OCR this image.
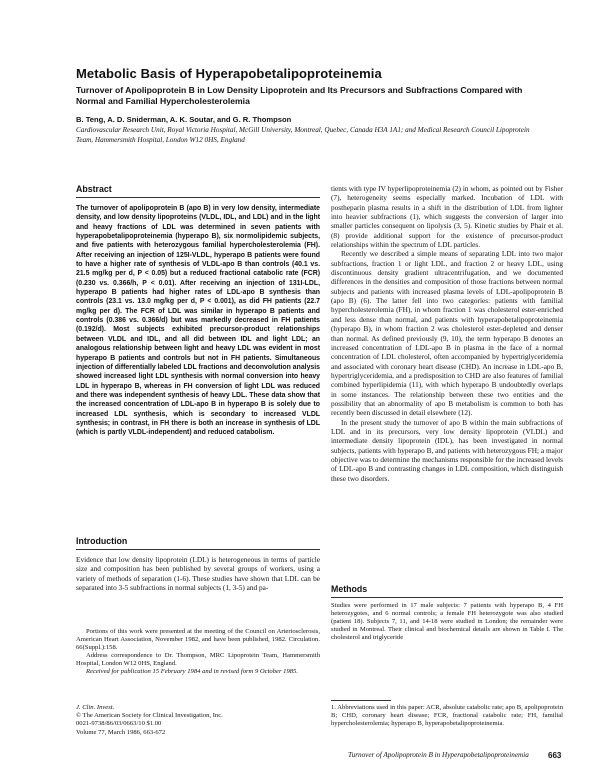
Metabolic Basis of Hyperapobetalipoproteinemia
Turnover of Apolipoprotein B in Low Density Lipoprotein and Its Precursors and Subfractions Compared with Normal and Familial Hypercholesterolemia
B. Teng, A. D. Sniderman, A. K. Soutar, and G. R. Thompson
Cardiovascular Research Unit, Royal Victoria Hospital, McGill University, Montreal, Quebec, Canada H3A 1A1; and Medical Research Council Lipoprotein Team, Hammersmith Hospital, London W12 0HS, England
Abstract
The turnover of apolipoprotein B (apo B) in very low density, intermediate density, and low density lipoproteins (VLDL, IDL, and LDL) and in the light and heavy fractions of LDL was determined in seven patients with hyperapobetalipoproteinemia (hyperapo B), six normolipidemic subjects, and five patients with heterozygous familial hypercholesterolemia (FH). After receiving an injection of 125I-VLDL, hyperapo B patients were found to have a higher rate of synthesis of VLDL-apo B than controls (40.1 vs. 21.5 mg/kg per d, P < 0.05) but a reduced fractional catabolic rate (FCR) (0.230 vs. 0.366/h, P < 0.01). After receiving an injection of 131I-LDL, hyperapo B patients had higher rates of LDL-apo B synthesis than controls (23.1 vs. 13.0 mg/kg per d, P < 0.001), as did FH patients (22.7 mg/kg per d). The FCR of LDL was similar in hyperapo B patients and controls (0.386 vs. 0.366/d) but was markedly decreased in FH patients (0.192/d). Most subjects exhibited precursor-product relationships between VLDL and IDL, and all did between IDL and light LDL; an analogous relationship between light and heavy LDL was evident in most hyperapo B patients and controls but not in FH patients. Simultaneous injection of differentially labeled LDL fractions and deconvolution analysis showed increased light LDL synthesis with normal conversion into heavy LDL in hyperapo B, whereas in FH conversion of light LDL was reduced and there was independent synthesis of heavy LDL. These data show that the increased concentration of LDL-apo B in hyperapo B is solely due to increased LDL synthesis, which is secondary to increased VLDL synthesis; in contrast, in FH there is both an increase in synthesis of LDL (which is partly VLDL-independent) and reduced catabolism.
Introduction
Evidence that low density lipoprotein (LDL) is heterogeneous in terms of particle size and composition has been published by several groups of workers, using a variety of methods of separation (1-6). These studies have shown that LDL can be separated into 3-5 subfractions in normal subjects (1, 3-5) and pa-

Portions of this work were presented at the meeting of the Council on Arteriosclerosis, American Heart Association, November 1982, and have been published, 1982. Circulation. 66(Suppl.):158.

Address correspondence to Dr. Thompson, MRC Lipoprotein Team, Hammersmith Hospital, London W12 0HS, England.

Received for publication 15 February 1984 and in revised form 9 October 1985.

J. Clin. Invest.
© The American Society for Clinical Investigation, Inc.
0021-9738/86/03/0663/10 $1.00
Volume 77, March 1986, 663-672

tients with type IV hyperlipoproteinemia (2) in whom, as pointed out by Fisher (7), heterogeneity seems especially marked. Incubation of LDL with postheparin plasma results in a shift in the distribution of LDL from lighter into heavier subfractions (1), which suggests the conversion of larger into smaller particles consequent on lipolysis (3, 5). Kinetic studies by Phair et al. (8) provide additional support for the existence of precursor-product relationships within the spectrum of LDL particles.

Recently we described a simple means of separating LDL into two major subfractions, fraction 1 or light LDL, and fraction 2 or heavy LDL, using discontinuous density gradient ultracentrifugation, and we documented differences in the densities and composition of those fractions between normal subjects and patients with increased plasma levels of LDL-apolipoprotein B (apo B) (6). The latter fell into two categories: patients with familial hypercholesterolemia (FH), in whom fraction 1 was cholesterol ester-enriched and less dense than normal, and patients with hyperapobetalipoproteinemia (hyperapo B), in whom fraction 2 was cholesterol ester-depleted and denser than normal. As defined previously (9, 10), the term hyperapo B denotes an increased concentration of LDL-apo B in plasma in the face of a normal concentration of LDL cholesterol, often accompanied by hypertriglyceridemia and associated with coronary heart disease (CHD). An increase in LDL-apo B, hypertriglyceridemia, and a predisposition to CHD are also features of familial combined hyperlipidemia (11), with which hyperapo B undoubtedly overlaps in some instances. The relationship between these two entities and the possibility that an abnormality of apo B metabolism is common to both has recently been discussed in detail elsewhere (12).

In the present study the turnover of apo B within the main subfractions of LDL and in its precursors, very low density lipoprotein (VLDL) and intermediate density lipoprotein (IDL), has been investigated in normal subjects, patients with hyperapo B, and patients with heterozygous FH; a major objective was to determine the mechanisms responsible for the increased levels of LDL-apo B and contrasting changes in LDL composition, which distinguish these two disorders.

Methods
Studies were performed in 17 male subjects: 7 patients with hyperapo B, 4 FH heterozygotes, and 6 normal controls; a female FH heterozygote was also studied (patient 18). Subjects 7, 11, and 14-18 were studied in London; the remainder were studied in Montreal. Their clinical and biochemical details are shown in Table I. The cholesterol and triglyceride
1. Abbreviations used in this paper: ACR, absolute catabolic rate; apo B, apolipoprotein B; CHD, coronary heart disease; FCR, fractional catabolic rate; FH, familial hypercholesterolemia; hyperapo B, hyperapobetalipoproteinemia.
Turnover of Apolipoprotein B in Hyperapobetalipoproteinemia 663
